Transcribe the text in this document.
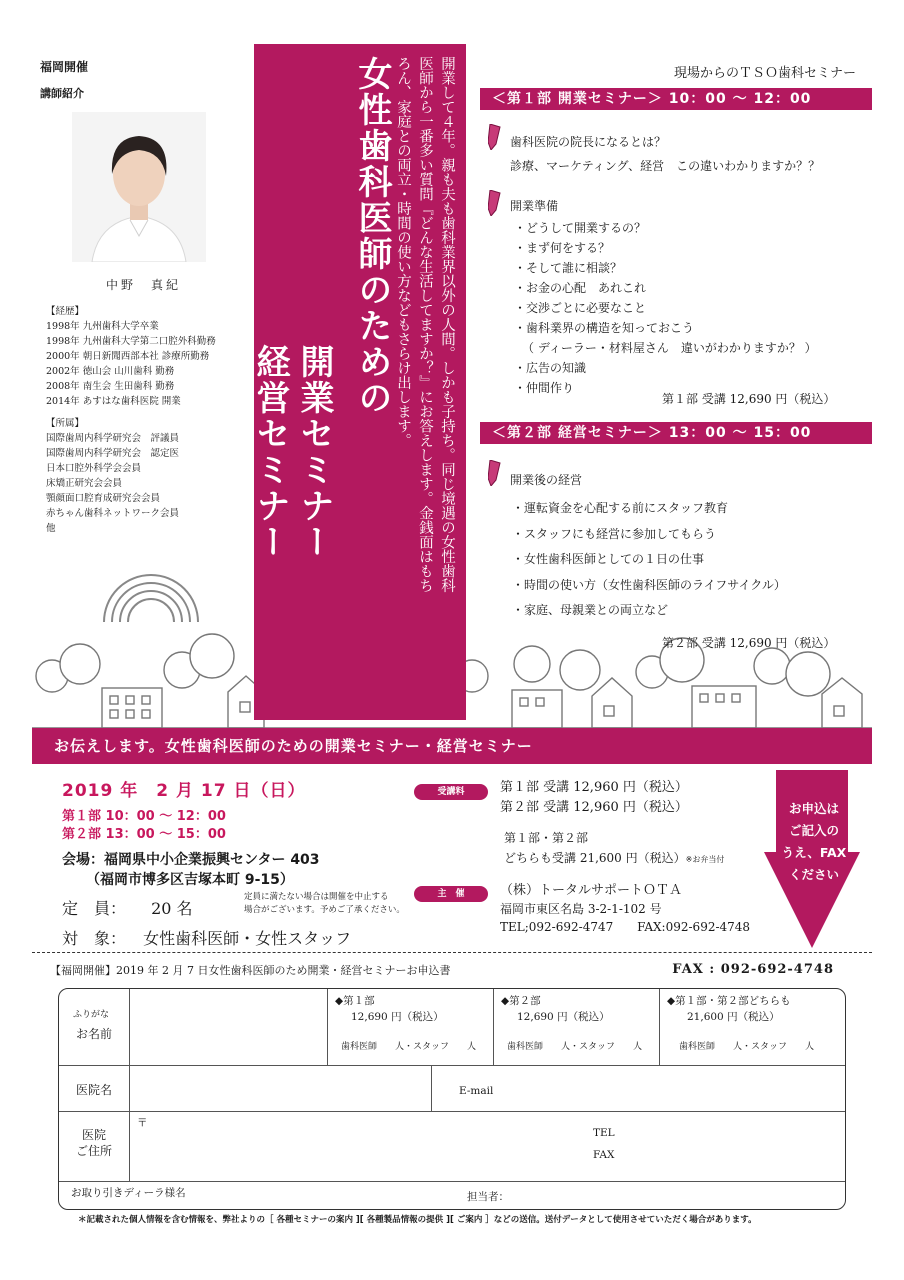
福岡開催
講師紹介
中野　真紀
【経歴】
1998年 九州歯科大学卒業
1998年 九州歯科大学第二口腔外科勤務
2000年 朝日新聞西部本社 診療所勤務
2002年 徳山会 山川歯科 勤務
2008年 南生会 生田歯科 勤務
2014年 あすはな歯科医院 開業
【所属】
国際歯周内科学研究会　評議員
国際歯周内科学研究会　認定医
日本口腔外科学会会員
床矯正研究会会員
顎顔面口腔育成研究会会員
赤ちゃん歯科ネットワーク会員
他	開業して４年。親も夫も歯科業界以外の人間。しかも子持ち。同じ境遇の女性歯科医師から一番多い質問『どんな生活してますか？』にお答えします。金銭面はもちろん、家庭との両立・時間の使い方などもさらけ出します。
女性歯科医師のための
開業セミナー
経営セミナー
現場からのＴＳＯ歯科セミナー
＜第１部 開業セミナー＞ 10：00 ～ 12：00
歯科医院の院長になるとは？
診療、マーケティング、経営　この違いわかりますか？？
開業準備
・どうして開業するの？
・まず何をする？
・そして誰に相談？
・お金の心配　あれこれ
・交渉ごとに必要なこと
・歯科業界の構造を知っておこう
（ ディーラー・材料屋さん　違いがわかりますか？ ）
・広告の知識
・仲間作り
第１部 受講 12,690 円（税込）
＜第２部 経営セミナー＞ 13：00 ～ 15：00
開業後の経営
・運転資金を心配する前にスタッフ教育
・スタッフにも経営に参加してもらう
・女性歯科医師としての１日の仕事
・時間の使い方（女性歯科医師のライフサイクル）
・家庭、母親業との両立など
第２部 受講 12,690 円（税込）
お伝えします。女性歯科医師のための開業セミナー・経営セミナー
2019 年　2 月 17 日（日）
第１部 10：00 ～ 12：00
第２部 13：00 ～ 15：00
会場：福岡県中小企業振興センター 403
（福岡市博多区吉塚本町 9-15）
定　員： 20 名
定員に満たない場合は開催を中止する
場合がございます。予めご了承ください。
対　象： 女性歯科医師・女性スタッフ
受講料	第１部 受講 12,960 円（税込）
第２部 受講 12,960 円（税込）
第１部・第２部
どちらも受講 21,600 円（税込）※お弁当付
主　催	（株）トータルサポートＯＴＡ
福岡市東区名島 3-2-1-102 号
TEL;092-692-4747 FAX:092-692-4748
お申込は
ご記入の
うえ、FAX
ください
【福岡開催】2019 年 2 月 7 日女性歯科医師のため開業・経営セミナーお申込書	FAX : 092-692-4748
ふりがな
お名前
◆第１部
12,690 円（税込）
歯科医師　　人・スタッフ　　人
◆第２部
12,690 円（税込）
歯科医師　　人・スタッフ　　人
◆第１部・第２部どちらも
21,600 円（税込）
歯科医師　　人・スタッフ　　人
医院名	E-mail
医院
ご住所
〒
TEL
FAX
お取り引きディーラ様名	担当者：
＊記載された個人情報を含む情報を、弊社よりの［ 各種セミナーの案内 ][ 各種製品情報の提供 ][ ご案内 ］などの送信。送付データとして使用させていただく場合があります。
